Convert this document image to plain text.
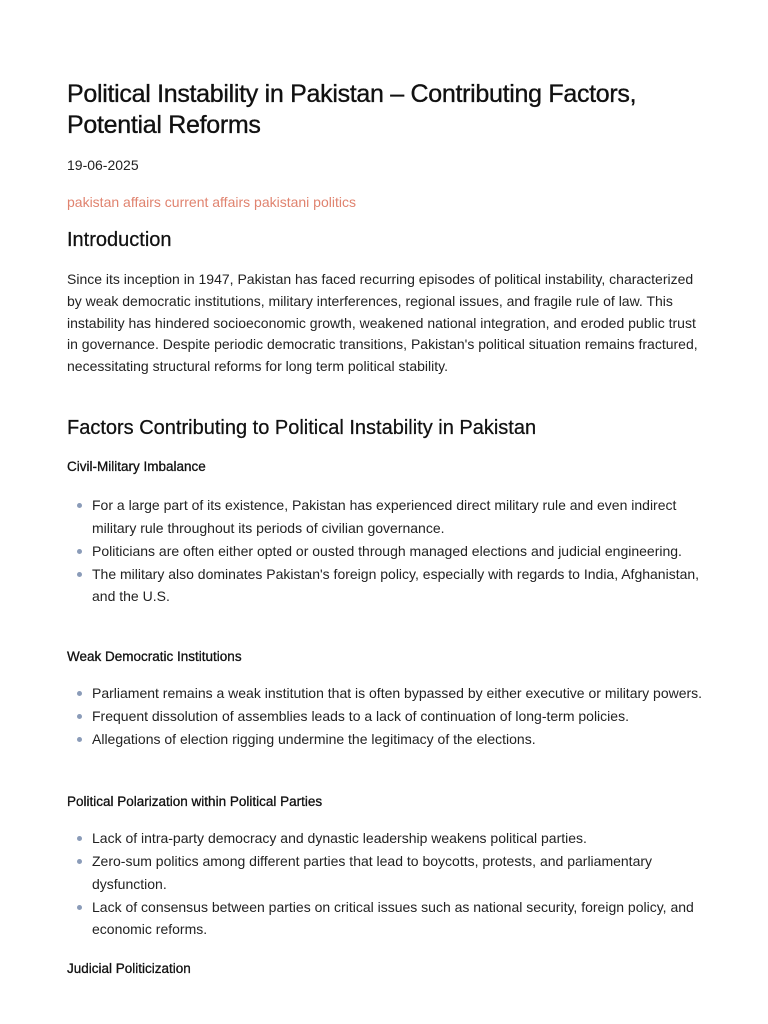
Political Instability in Pakistan – Contributing Factors, Potential Reforms
19-06-2025
pakistan affairs current affairs pakistani politics
Introduction

Since its inception in 1947, Pakistan has faced recurring episodes of political instability, characterized by weak democratic institutions, military interferences, regional issues, and fragile rule of law. This instability has hindered socioeconomic growth, weakened national integration, and eroded public trust in governance. Despite periodic democratic transitions, Pakistan's political situation remains fractured, necessitating structural reforms for long term political stability.

Factors Contributing to Political Instability in Pakistan
Civil-Military Imbalance
For a large part of its existence, Pakistan has experienced direct military rule and even indirect military rule throughout its periods of civilian governance.
Politicians are often either opted or ousted through managed elections and judicial engineering.
The military also dominates Pakistan's foreign policy, especially with regards to India, Afghanistan, and the U.S.
Weak Democratic Institutions
Parliament remains a weak institution that is often bypassed by either executive or military powers.
Frequent dissolution of assemblies leads to a lack of continuation of long-term policies.
Allegations of election rigging undermine the legitimacy of the elections.
Political Polarization within Political Parties
Lack of intra-party democracy and dynastic leadership weakens political parties.
Zero-sum politics among different parties that lead to boycotts, protests, and parliamentary dysfunction.
Lack of consensus between parties on critical issues such as national security, foreign policy, and economic reforms.
Judicial Politicization
